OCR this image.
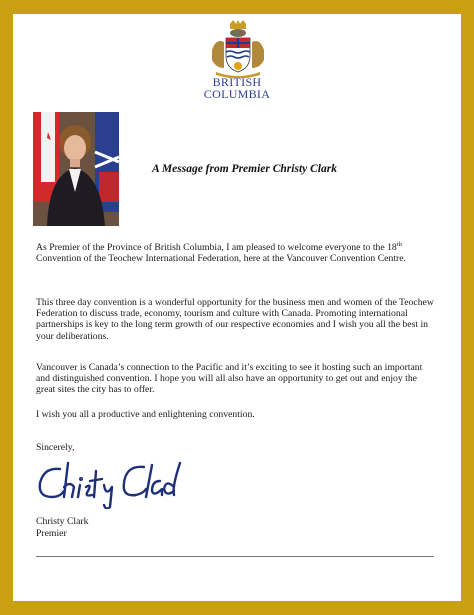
BRITISH
COLUMBIA
A Message from Premier Christy Clark

As Premier of the Province of British Columbia, I am pleased to welcome everyone to the 18th Convention of the Teochew International Federation, here at the Vancouver Convention Centre.

This three day convention is a wonderful opportunity for the business men and women of the Teochew Federation to discuss trade, economy, tourism and culture with Canada. Promoting international partnerships is key to the long term growth of our respective economies and I wish you all the best in your deliberations.

Vancouver is Canada’s connection to the Pacific and it’s exciting to see it hosting such an important and distinguished convention. I hope you will all also have an opportunity to get out and enjoy the great sites the city has to offer.

I wish you all a productive and enlightening convention.

Sincerely,
Christy Clark
Premier
